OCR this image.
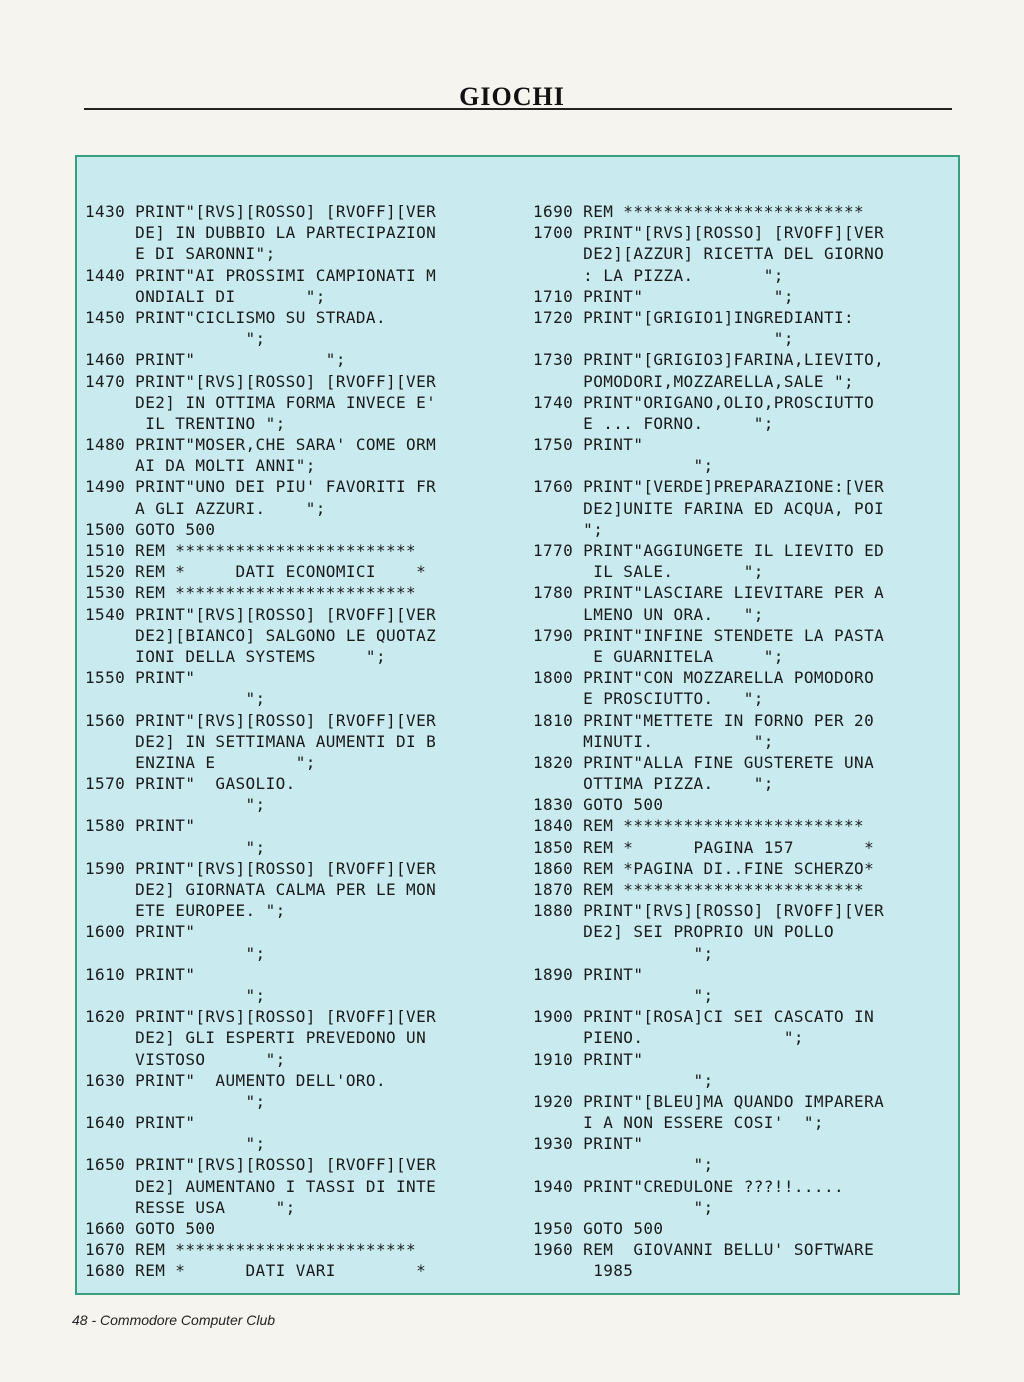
GIOCHI
1430 PRINT"[RVS][ROSSO] [RVOFF][VER
DE] IN DUBBIO LA PARTECIPAZION
E DI SARONNI";
1440 PRINT"AI PROSSIMI CAMPIONATI M
ONDIALI DI       ";
1450 PRINT"CICLISMO SU STRADA.
";
1460 PRINT"             ";
1470 PRINT"[RVS][ROSSO] [RVOFF][VER
DE2] IN OTTIMA FORMA INVECE E'
IL TRENTINO ";
1480 PRINT"MOSER,CHE SARA' COME ORM
AI DA MOLTI ANNI";
1490 PRINT"UNO DEI PIU' FAVORITI FR
A GLI AZZURI.    ";
1500 GOTO 500
1510 REM ************************
1520 REM *     DATI ECONOMICI    *
1530 REM ************************
1540 PRINT"[RVS][ROSSO] [RVOFF][VER
DE2][BIANCO] SALGONO LE QUOTAZ
IONI DELLA SYSTEMS     ";
1550 PRINT"
";
1560 PRINT"[RVS][ROSSO] [RVOFF][VER
DE2] IN SETTIMANA AUMENTI DI B
ENZINA E        ";
1570 PRINT"  GASOLIO.
";
1580 PRINT"
";
1590 PRINT"[RVS][ROSSO] [RVOFF][VER
DE2] GIORNATA CALMA PER LE MON
ETE EUROPEE. ";
1600 PRINT"
";
1610 PRINT"
";
1620 PRINT"[RVS][ROSSO] [RVOFF][VER
DE2] GLI ESPERTI PREVEDONO UN
VISTOSO      ";
1630 PRINT"  AUMENTO DELL'ORO.
";
1640 PRINT"
";
1650 PRINT"[RVS][ROSSO] [RVOFF][VER
DE2] AUMENTANO I TASSI DI INTE
RESSE USA     ";
1660 GOTO 500
1670 REM ************************
1680 REM *      DATI VARI        *
1690 REM ************************
1700 PRINT"[RVS][ROSSO] [RVOFF][VER
DE2][AZZUR] RICETTA DEL GIORNO
: LA PIZZA.       ";
1710 PRINT"             ";
1720 PRINT"[GRIGIO1]INGREDIANTI:
";
1730 PRINT"[GRIGIO3]FARINA,LIEVITO,
POMODORI,MOZZARELLA,SALE ";
1740 PRINT"ORIGANO,OLIO,PROSCIUTTO
E ... FORNO.     ";
1750 PRINT"
";
1760 PRINT"[VERDE]PREPARAZIONE:[VER
DE2]UNITE FARINA ED ACQUA, POI
";
1770 PRINT"AGGIUNGETE IL LIEVITO ED
IL SALE.       ";
1780 PRINT"LASCIARE LIEVITARE PER A
LMENO UN ORA.   ";
1790 PRINT"INFINE STENDETE LA PASTA
E GUARNITELA     ";
1800 PRINT"CON MOZZARELLA POMODORO
E PROSCIUTTO.   ";
1810 PRINT"METTETE IN FORNO PER 20
MINUTI.          ";
1820 PRINT"ALLA FINE GUSTERETE UNA
OTTIMA PIZZA.    ";
1830 GOTO 500
1840 REM ************************
1850 REM *      PAGINA 157       *
1860 REM *PAGINA DI..FINE SCHERZO*
1870 REM ************************
1880 PRINT"[RVS][ROSSO] [RVOFF][VER
DE2] SEI PROPRIO UN POLLO
";
1890 PRINT"
";
1900 PRINT"[ROSA]CI SEI CASCATO IN
PIENO.              ";
1910 PRINT"
";
1920 PRINT"[BLEU]MA QUANDO IMPARERA
I A NON ESSERE COSI'  ";
1930 PRINT"
";
1940 PRINT"CREDULONE ???!!.....
";
1950 GOTO 500
1960 REM  GIOVANNI BELLU' SOFTWARE
1985
48 - Commodore Computer Club
